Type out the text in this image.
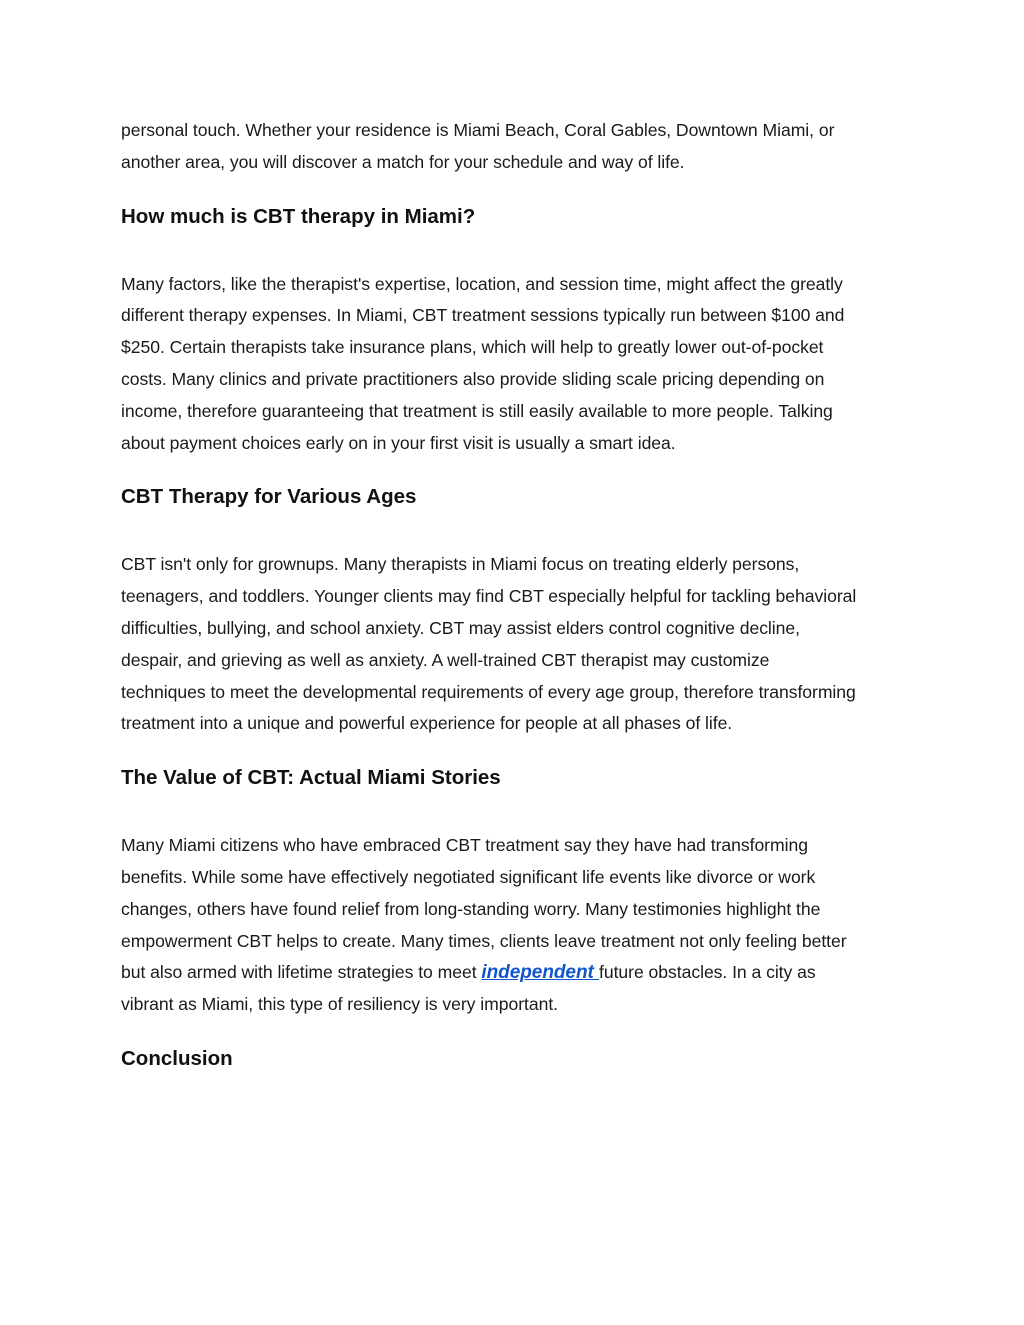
personal touch. Whether your residence is Miami Beach, Coral Gables, Downtown Miami, or
another area, you will discover a match for your schedule and way of life.

How much is CBT therapy in Miami?

Many factors, like the therapist's expertise, location, and session time, might affect the greatly
different therapy expenses. In Miami, CBT treatment sessions typically run between $100 and
$250. Certain therapists take insurance plans, which will help to greatly lower out-of-pocket
costs. Many clinics and private practitioners also provide sliding scale pricing depending on
income, therefore guaranteeing that treatment is still easily available to more people. Talking
about payment choices early on in your first visit is usually a smart idea.

CBT Therapy for Various Ages

CBT isn't only for grownups. Many therapists in Miami focus on treating elderly persons,
teenagers, and toddlers. Younger clients may find CBT especially helpful for tackling behavioral
difficulties, bullying, and school anxiety. CBT may assist elders control cognitive decline,
despair, and grieving as well as anxiety. A well-trained CBT therapist may customize
techniques to meet the developmental requirements of every age group, therefore transforming
treatment into a unique and powerful experience for people at all phases of life.

The Value of CBT: Actual Miami Stories

Many Miami citizens who have embraced CBT treatment say they have had transforming
benefits. While some have effectively negotiated significant life events like divorce or work
changes, others have found relief from long-standing worry. Many testimonies highlight the
empowerment CBT helps to create. Many times, clients leave treatment not only feeling better
but also armed with lifetime strategies to meet independent future obstacles. In a city as
vibrant as Miami, this type of resiliency is very important.

Conclusion
